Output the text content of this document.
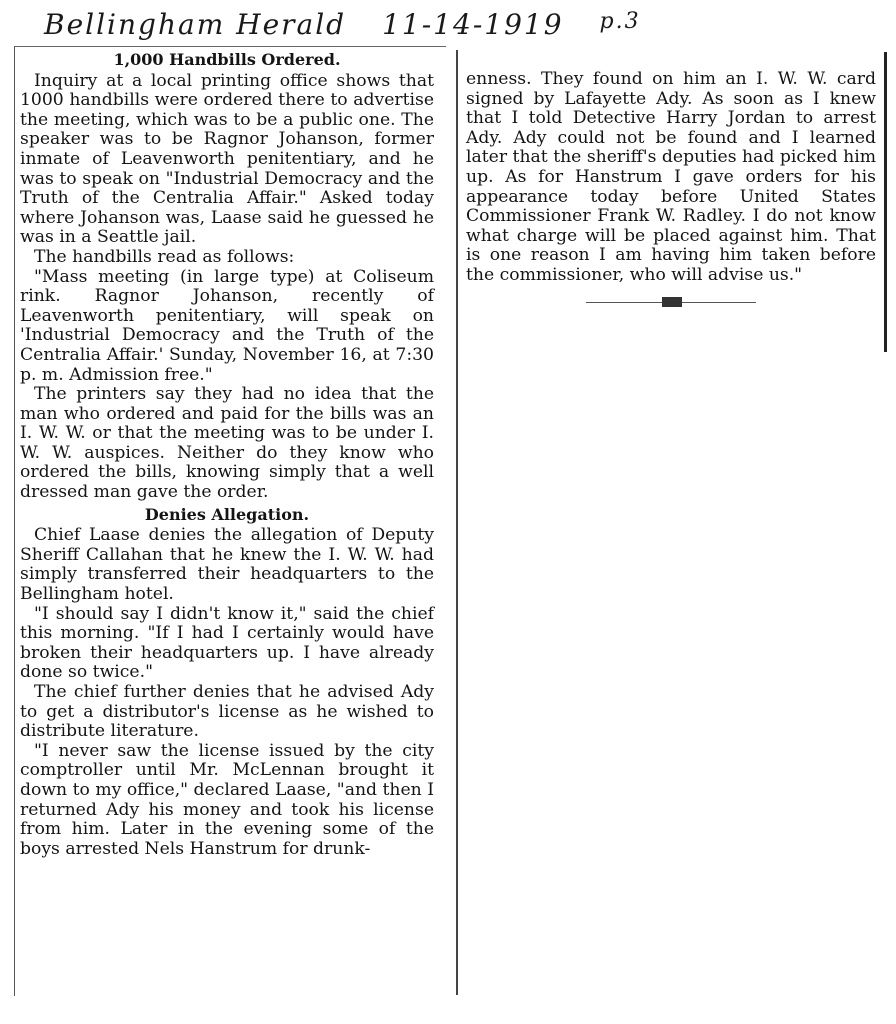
Bellingham Herald 11-14-1919 p.3

1,000 Handbills Ordered.

Inquiry at a local printing office shows that 1000 handbills were ordered there to advertise the meeting, which was to be a public one. The speaker was to be Ragnor Johanson, former inmate of Leavenworth penitentiary, and he was to speak on "Industrial Democracy and the Truth of the Centralia Affair." Asked today where Johanson was, Laase said he guessed he was in a Seattle jail.

The handbills read as follows:

"Mass meeting (in large type) at Coliseum rink. Ragnor Johanson, recently of Leavenworth penitentiary, will speak on 'Industrial Democracy and the Truth of the Centralia Affair.' Sunday, November 16, at 7:30 p. m. Admission free."

The printers say they had no idea that the man who ordered and paid for the bills was an I. W. W. or that the meeting was to be under I. W. W. auspices. Neither do they know who ordered the bills, knowing simply that a well dressed man gave the order.

Denies Allegation.

Chief Laase denies the allegation of Deputy Sheriff Callahan that he knew the I. W. W. had simply transferred their headquarters to the Bellingham hotel.

"I should say I didn't know it," said the chief this morning. "If I had I certainly would have broken their headquarters up. I have already done so twice."

The chief further denies that he advised Ady to get a distributor's license as he wished to distribute literature.

"I never saw the license issued by the city comptroller until Mr. McLennan brought it down to my office," declared Laase, "and then I returned Ady his money and took his license from him. Later in the evening some of the boys arrested Nels Hanstrum for drunk-

enness. They found on him an I. W. W. card signed by Lafayette Ady. As soon as I knew that I told Detective Harry Jordan to arrest Ady. Ady could not be found and I learned later that the sheriff's deputies had picked him up. As for Hanstrum I gave orders for his appearance today before United States Commissioner Frank W. Radley. I do not know what charge will be placed against him. That is one reason I am having him taken before the commissioner, who will advise us."
